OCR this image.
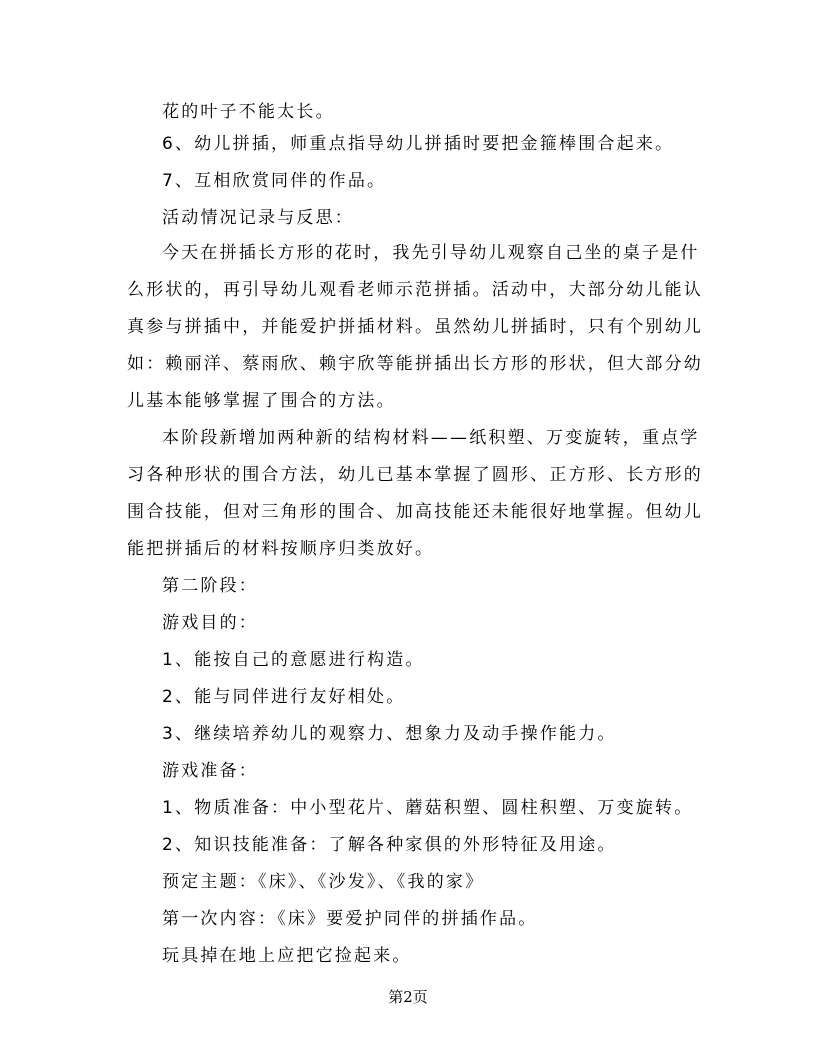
花的叶子不能太长。
6、幼儿拼插，师重点指导幼儿拼插时要把金箍棒围合起来。
7、互相欣赏同伴的作品。
活动情况记录与反思：
今天在拼插长方形的花时，我先引导幼儿观察自己坐的桌子是什
么形状的，再引导幼儿观看老师示范拼插。活动中，大部分幼儿能认
真参与拼插中，并能爱护拼插材料。虽然幼儿拼插时，只有个别幼儿
如：赖丽洋、蔡雨欣、赖宇欣等能拼插出长方形的形状，但大部分幼
儿基本能够掌握了围合的方法。
本阶段新增加两种新的结构材料——纸积塑、万变旋转，重点学
习各种形状的围合方法，幼儿已基本掌握了圆形、正方形、长方形的
围合技能，但对三角形的围合、加高技能还未能很好地掌握。但幼儿
能把拼插后的材料按顺序归类放好。
第二阶段：
游戏目的：
1、能按自己的意愿进行构造。
2、能与同伴进行友好相处。
3、继续培养幼儿的观察力、想象力及动手操作能力。
游戏准备：
1、物质准备：中小型花片、蘑菇积塑、圆柱积塑、万变旋转。
2、知识技能准备：了解各种家俱的外形特征及用途。
预定主题：《床》、《沙发》、《我的家》
第一次内容：《床》要爱护同伴的拼插作品。
玩具掉在地上应把它捡起来。
第2页
